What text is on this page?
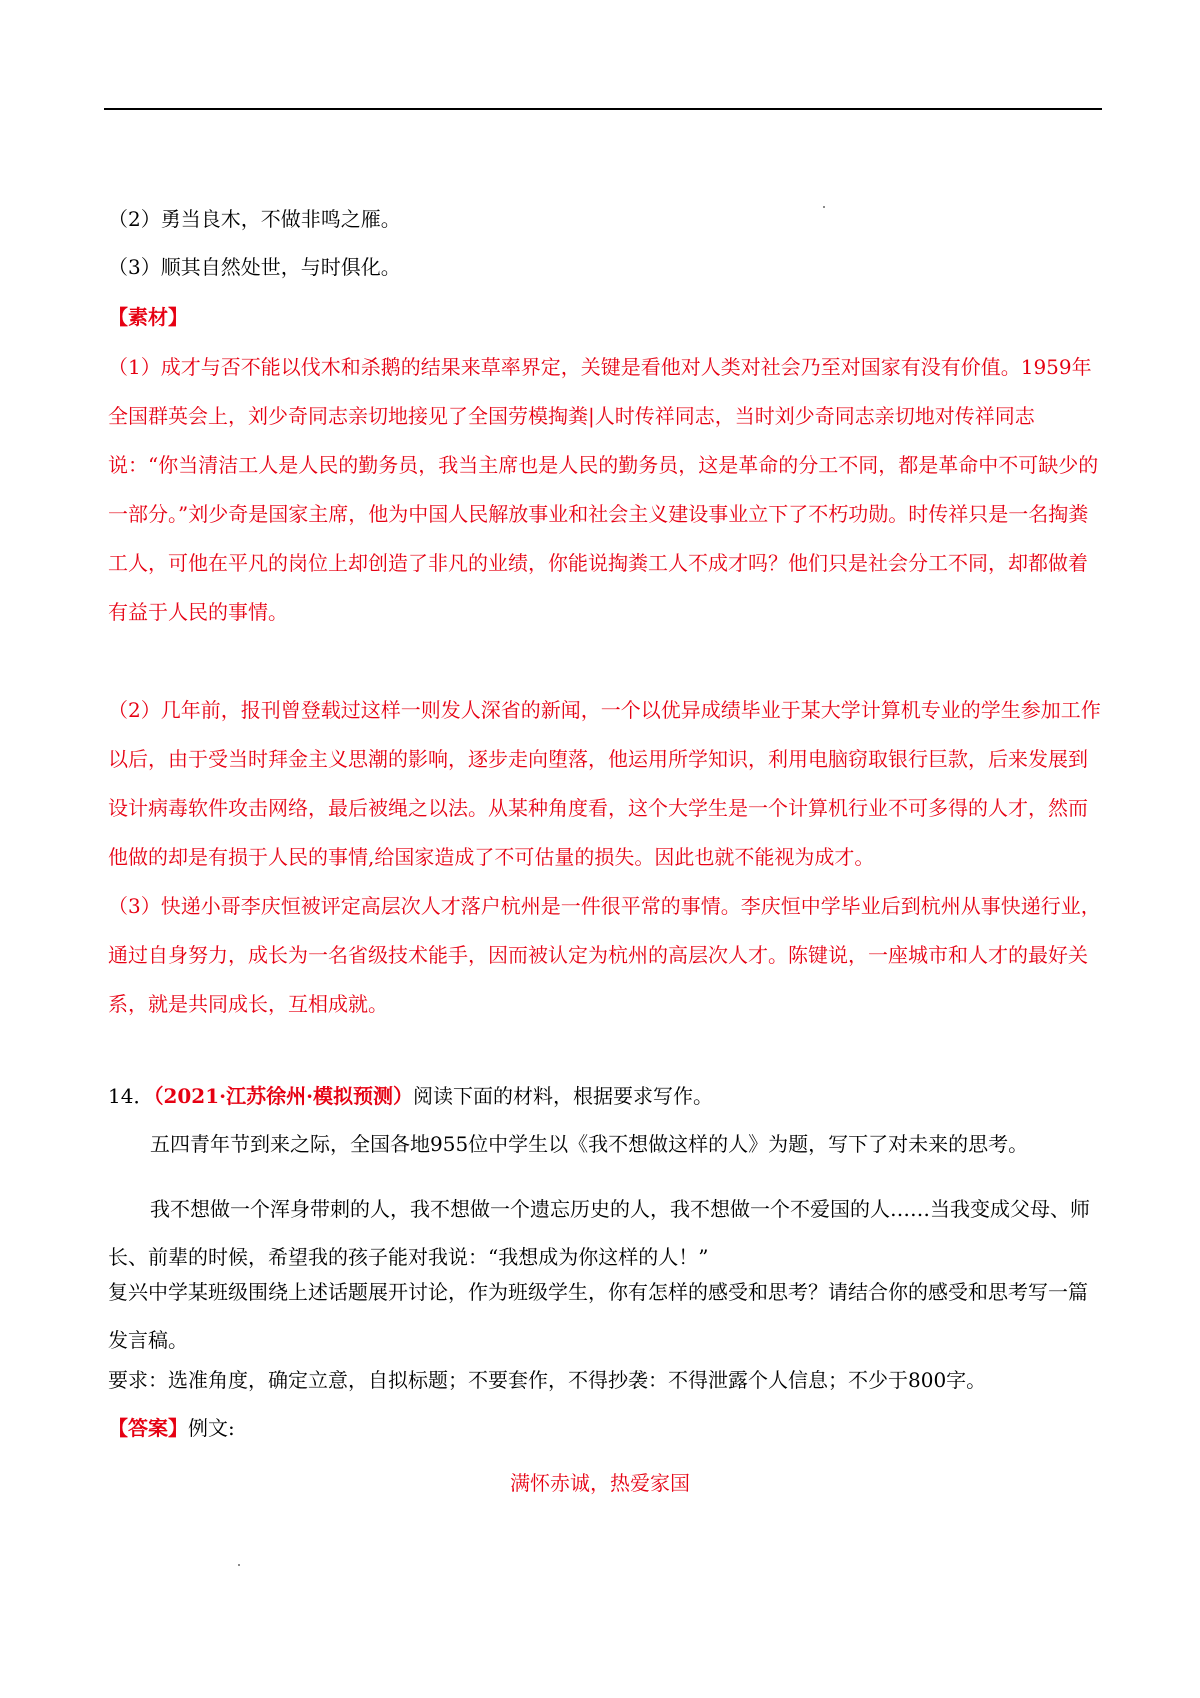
（2）勇当良木，不做非鸣之雁。
（3）顺其自然处世，与时俱化。
【素材】
（1）成才与否不能以伐木和杀鹅的结果来草率界定，关键是看他对人类对社会乃至对国家有没有价值。1959年全国群英会上，刘少奇同志亲切地接见了全国劳模掏粪|人时传祥同志，当时刘少奇同志亲切地对传祥同志说：“你当清洁工人是人民的勤务员，我当主席也是人民的勤务员，这是革命的分工不同，都是革命中不可缺少的一部分。”刘少奇是国家主席，他为中国人民解放事业和社会主义建设事业立下了不朽功勋。时传祥只是一名掏粪工人，可他在平凡的岗位上却创造了非凡的业绩，你能说掏粪工人不成才吗？他们只是社会分工不同，却都做着有益于人民的事情。
（2）几年前，报刊曾登载过这样一则发人深省的新闻，一个以优异成绩毕业于某大学计算机专业的学生参加工作以后，由于受当时拜金主义思潮的影响，逐步走向堕落，他运用所学知识，利用电脑窃取银行巨款，后来发展到设计病毒软件攻击网络，最后被绳之以法。从某种角度看，这个大学生是一个计算机行业不可多得的人才，然而他做的却是有损于人民的事情,给国家造成了不可估量的损失。因此也就不能视为成才。
（3）快递小哥李庆恒被评定高层次人才落户杭州是一件很平常的事情。李庆恒中学毕业后到杭州从事快递行业，通过自身努力，成长为一名省级技术能手，因而被认定为杭州的高层次人才。陈键说，一座城市和人才的最好关系，就是共同成长，互相成就。
14．（2021·江苏徐州·模拟预测）阅读下面的材料，根据要求写作。
五四青年节到来之际，全国各地955位中学生以《我不想做这样的人》为题，写下了对未来的思考。
我不想做一个浑身带刺的人，我不想做一个遗忘历史的人，我不想做一个不爱国的人……当我变成父母、师长、前辈的时候，希望我的孩子能对我说：“我想成为你这样的人！”
复兴中学某班级围绕上述话题展开讨论，作为班级学生，你有怎样的感受和思考？请结合你的感受和思考写一篇发言稿。
要求：选准角度，确定立意，自拟标题；不要套作，不得抄袭：不得泄露个人信息；不少于800字。
【答案】例文:
满怀赤诚，热爱家国
